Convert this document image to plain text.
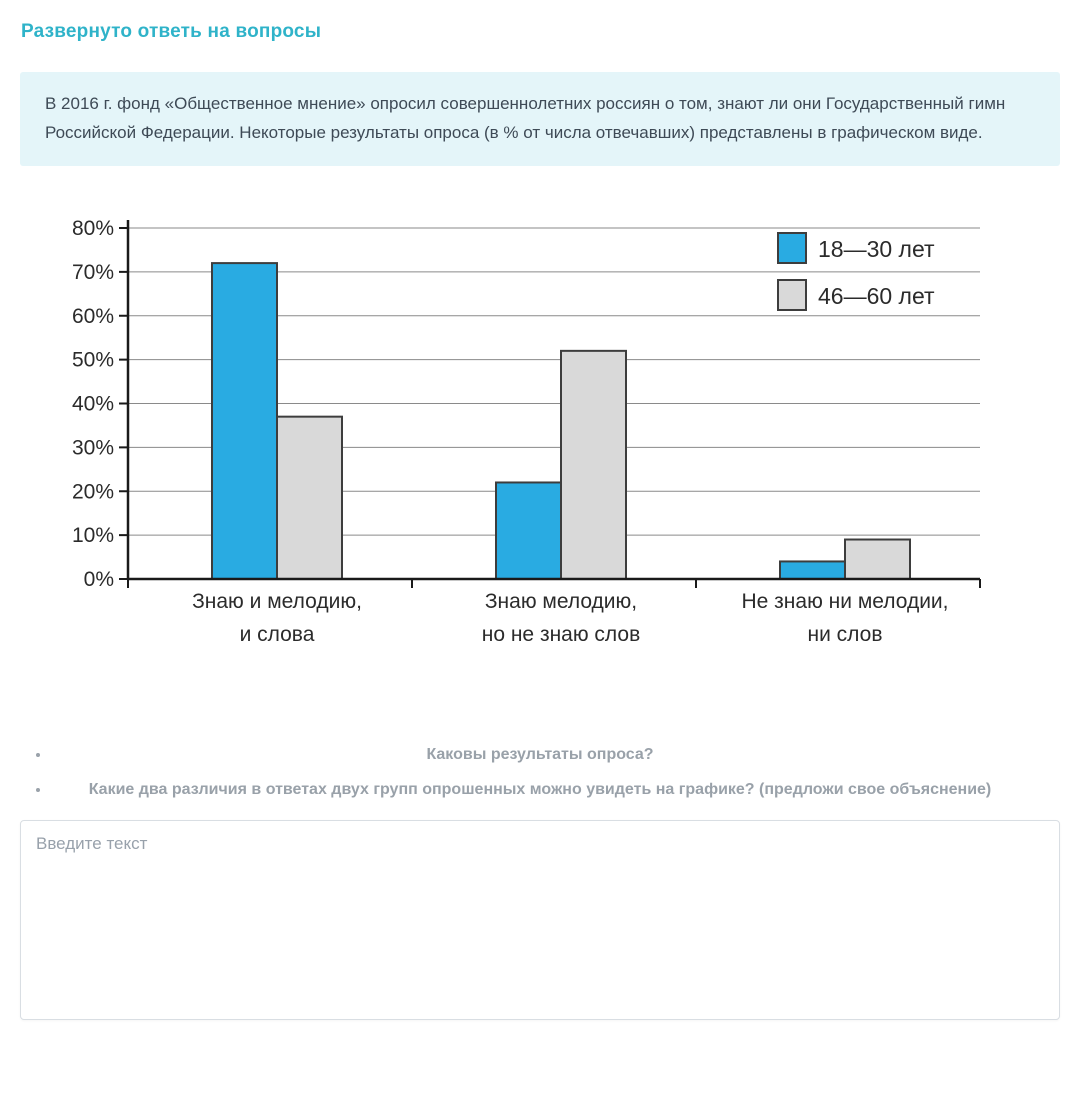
Развернуто ответь на вопросы

В 2016 г. фонд «Общественное мнение» опросил совершеннолетних россиян о том, знают ли они Государственный гимн Российской Федерации. Некоторые результаты опроса (в % от числа отвечавших) представлены в графическом виде.

0%
10%
20%
30%
40%
50%
60%
70%
80%
Знаю и мелодию,
и слова
Знаю мелодию,
но не знаю слов
Не знаю ни мелодии,
ни слов
18—30 лет
46—60 лет
Каковы результаты опроса?
Какие два различия в ответах двух групп опрошенных можно увидеть на графике? (предложи свое объяснение)
Введите текст
